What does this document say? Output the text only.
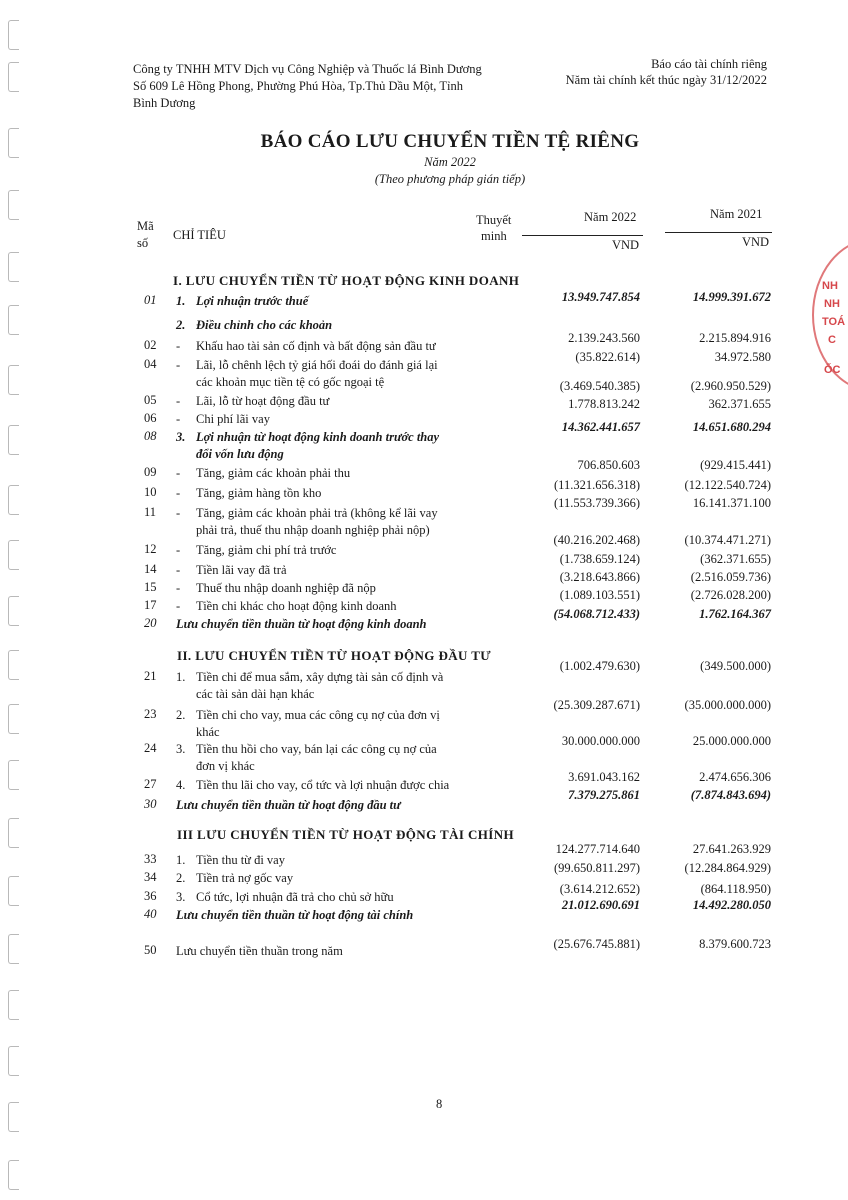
NH
NH
TOÁ
C
ỐC
Công ty TNHH MTV Dịch vụ Công Nghiệp và Thuốc lá Bình Dương
Số 609 Lê Hồng Phong, Phường Phú Hòa, Tp.Thủ Dầu Một, Tỉnh
Bình Dương
Báo cáo tài chính riêng
Năm tài chính kết thúc ngày 31/12/2022
BÁO CÁO LƯU CHUYỂN TIỀN TỆ RIÊNG
Năm 2022
(Theo phương pháp gián tiếp)
Mã
số
CHỈ TIÊU
Thuyết
minh
Năm 2022	Năm 2021
VND	VND
I. LƯU CHUYỂN TIỀN TỪ HOẠT ĐỘNG KINH DOANH
II. LƯU CHUYỂN TIỀN TỪ HOẠT ĐỘNG ĐẦU TƯ
III LƯU CHUYỂN TIỀN TỪ HOẠT ĐỘNG TÀI CHÍNH
01 1. Lợi nhuận trước thuế	13.949.747.854	14.999.391.672
2. Điều chỉnh cho các khoản
02 - Khấu hao tài sản cố định và bất động sản đầu tư
2.139.243.560	2.215.894.916
04 - Lãi, lỗ chênh lệch tỷ giá hối đoái do đánh giá lại
các khoản mục tiền tệ có gốc ngoại tệ
(35.822.614)	34.972.580
05 - Lãi, lỗ từ hoạt động đầu tư
(3.469.540.385)	(2.960.950.529)
06 - Chi phí lãi vay
1.778.813.242	362.371.655
08 3. Lợi nhuận từ hoạt động kinh doanh trước thay
đổi vốn lưu động
14.362.441.657	14.651.680.294
09 - Tăng, giảm các khoản phải thu
706.850.603	(929.415.441)
10 - Tăng, giảm hàng tồn kho
(11.321.656.318)	(12.122.540.724)
11 - Tăng, giảm các khoản phải trả (không kể lãi vay
phải trả, thuế thu nhập doanh nghiệp phải nộp)
(11.553.739.366)	16.141.371.100
12 - Tăng, giảm chi phí trả trước
(40.216.202.468)	(10.374.471.271)
14 - Tiền lãi vay đã trả
(1.738.659.124)	(362.371.655)
15 - Thuế thu nhập doanh nghiệp đã nộp
(3.218.643.866)	(2.516.059.736)
17 - Tiền chi khác cho hoạt động kinh doanh
(1.089.103.551)	(2.726.028.200)
20 Lưu chuyển tiền thuần từ hoạt động kinh doanh
(54.068.712.433)	1.762.164.367
21 1. Tiền chi để mua sắm, xây dựng tài sản cố định và
các tài sản dài hạn khác
(1.002.479.630)	(349.500.000)
23 2. Tiền chi cho vay, mua các công cụ nợ của đơn vị
khác
(25.309.287.671)	(35.000.000.000)
24 3. Tiền thu hồi cho vay, bán lại các công cụ nợ của
đơn vị khác
30.000.000.000	25.000.000.000
27 4. Tiền thu lãi cho vay, cổ tức và lợi nhuận được chia
3.691.043.162	2.474.656.306
30 Lưu chuyển tiền thuần từ hoạt động đầu tư
7.379.275.861	(7.874.843.694)
33 1. Tiền thu từ đi vay
124.277.714.640	27.641.263.929
34 2. Tiền trả nợ gốc vay
(99.650.811.297)	(12.284.864.929)
36 3. Cổ tức, lợi nhuận đã trả cho chủ sở hữu
(3.614.212.652)	(864.118.950)
40 Lưu chuyển tiền thuần từ hoạt động tài chính
21.012.690.691	14.492.280.050
50 Lưu chuyển tiền thuần trong năm	(25.676.745.881)	8.379.600.723
8
